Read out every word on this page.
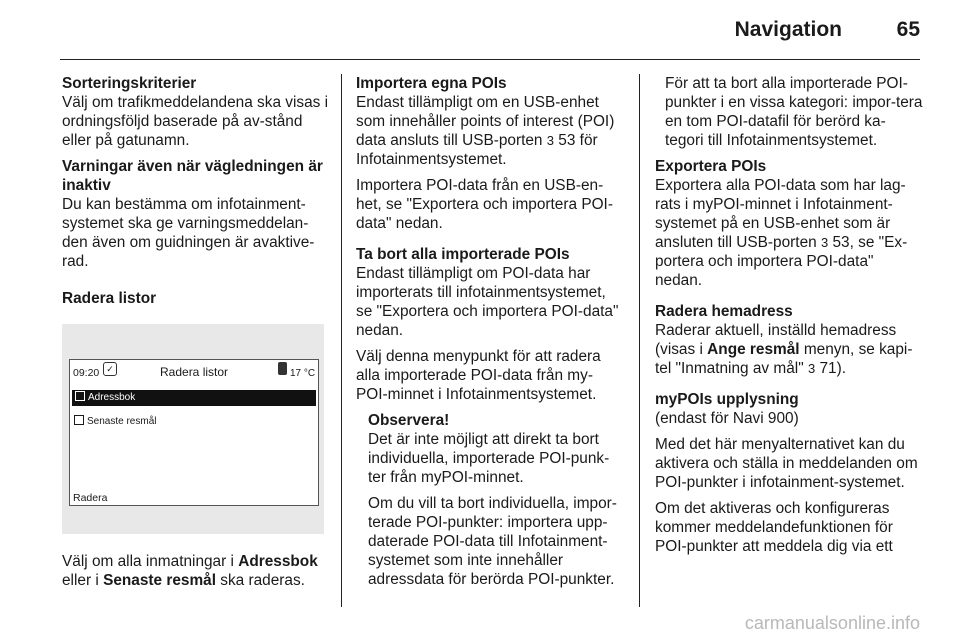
Navigation	65

Sorteringskriterier
Välj om trafikmeddelandena ska visas i ordningsföljd baserade på av-stånd eller på gatunamn.

Varningar även när vägledningen är inaktiv
Du kan bestämma om infotainment-systemet ska ge varningsmeddelan-den även om guidningen är avaktive-rad.

Radera listor

09:20 ✓	Radera listor	17 °C
Adressbok
Senaste resmål
Radera

Välj om alla inmatningar i Adressbok eller i Senaste resmål ska raderas.

Importera egna POIs
Endast tillämpligt om en USB-enhet som innehåller points of interest (POI) data ansluts till USB-porten 3 53 för Infotainmentsystemet.

Importera POI-data från en USB-en-het, se "Exportera och importera POI-data" nedan.

Ta bort alla importerade POIs
Endast tillämpligt om POI-data har importerats till infotainmentsystemet, se "Exportera och importera POI-data" nedan.

Välj denna menypunkt för att radera alla importerade POI-data från my-POI-minnet i Infotainmentsystemet.

Observera!
Det är inte möjligt att direkt ta bort individuella, importerade POI-punk-ter från myPOI-minnet.

Om du vill ta bort individuella, impor-terade POI-punkter: importera upp-daterade POI-data till Infotainment-systemet som inte innehåller adressdata för berörda POI-punkter.

För att ta bort alla importerade POI-punkter i en vissa kategori: impor-tera en tom POI-datafil för berörd ka-tegori till Infotainmentsystemet.

Exportera POIs
Exportera alla POI-data som har lag-rats i myPOI-minnet i Infotainment-systemet på en USB-enhet som är ansluten till USB-porten 3 53, se "Ex-portera och importera POI-data" nedan.

Radera hemadress
Raderar aktuell, inställd hemadress (visas i Ange resmål menyn, se kapi-tel "Inmatning av mål" 3 71).

myPOIs upplysning
(endast för Navi 900)

Med det här menyalternativet kan du aktivera och ställa in meddelanden om POI-punkter i infotainment-systemet.

Om det aktiveras och konfigureras kommer meddelandefunktionen för POI-punkter att meddela dig via ett

carmanualsonline.info
